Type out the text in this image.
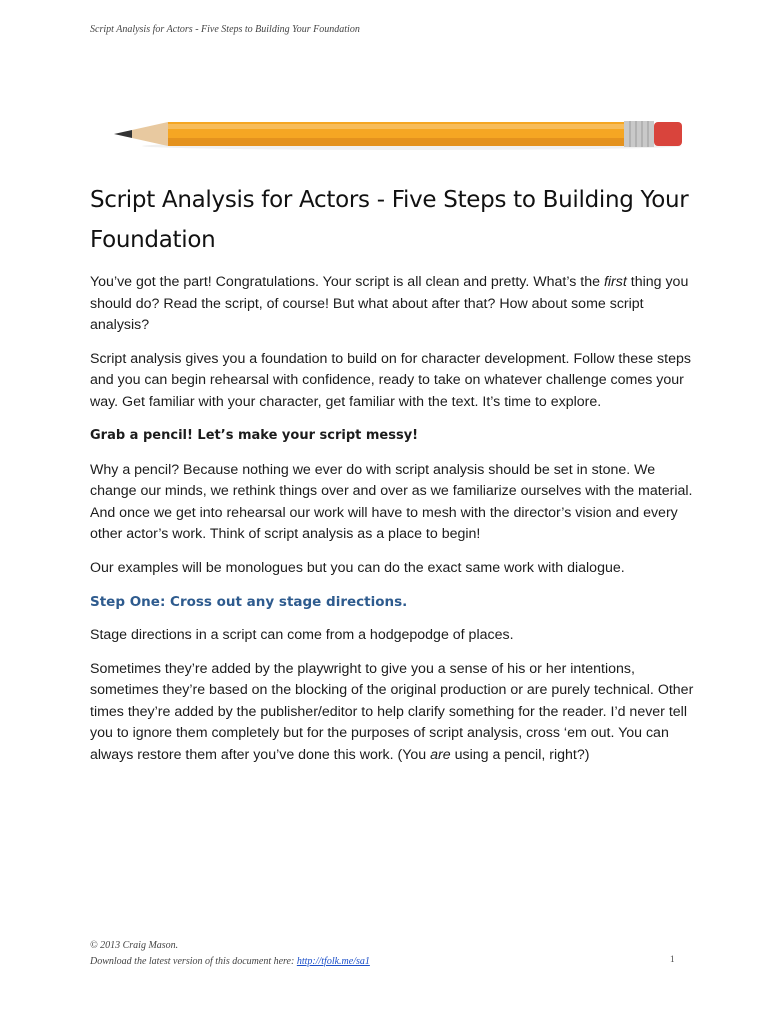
Script Analysis for Actors - Five Steps to Building Your Foundation
Script Analysis for Actors - Five Steps to Building Your Foundation

You’ve got the part! Congratulations. Your script is all clean and pretty. What’s the first thing you should do? Read the script, of course! But what about after that? How about some script analysis?

Script analysis gives you a foundation to build on for character development. Follow these steps and you can begin rehearsal with confidence, ready to take on whatever challenge comes your way. Get familiar with your character, get familiar with the text. It’s time to explore.

Grab a pencil! Let’s make your script messy!

Why a pencil? Because nothing we ever do with script analysis should be set in stone. We change our minds, we rethink things over and over as we familiarize ourselves with the material. And once we get into rehearsal our work will have to mesh with the director’s vision and every other actor’s work. Think of script analysis as a place to begin!

Our examples will be monologues but you can do the exact same work with dialogue.

Step One: Cross out any stage directions.

Stage directions in a script can come from a hodgepodge of places.

Sometimes they’re added by the playwright to give you a sense of his or her intentions, sometimes they’re based on the blocking of the original production or are purely technical. Other times they’re added by the publisher/editor to help clarify something for the reader. I’d never tell you to ignore them completely but for the purposes of script analysis, cross ‘em out. You can always restore them after you’ve done this work. (You are using a pencil, right?)

© 2013 Craig Mason.
Download the latest version of this document here: http://tfolk.me/sa1	1
